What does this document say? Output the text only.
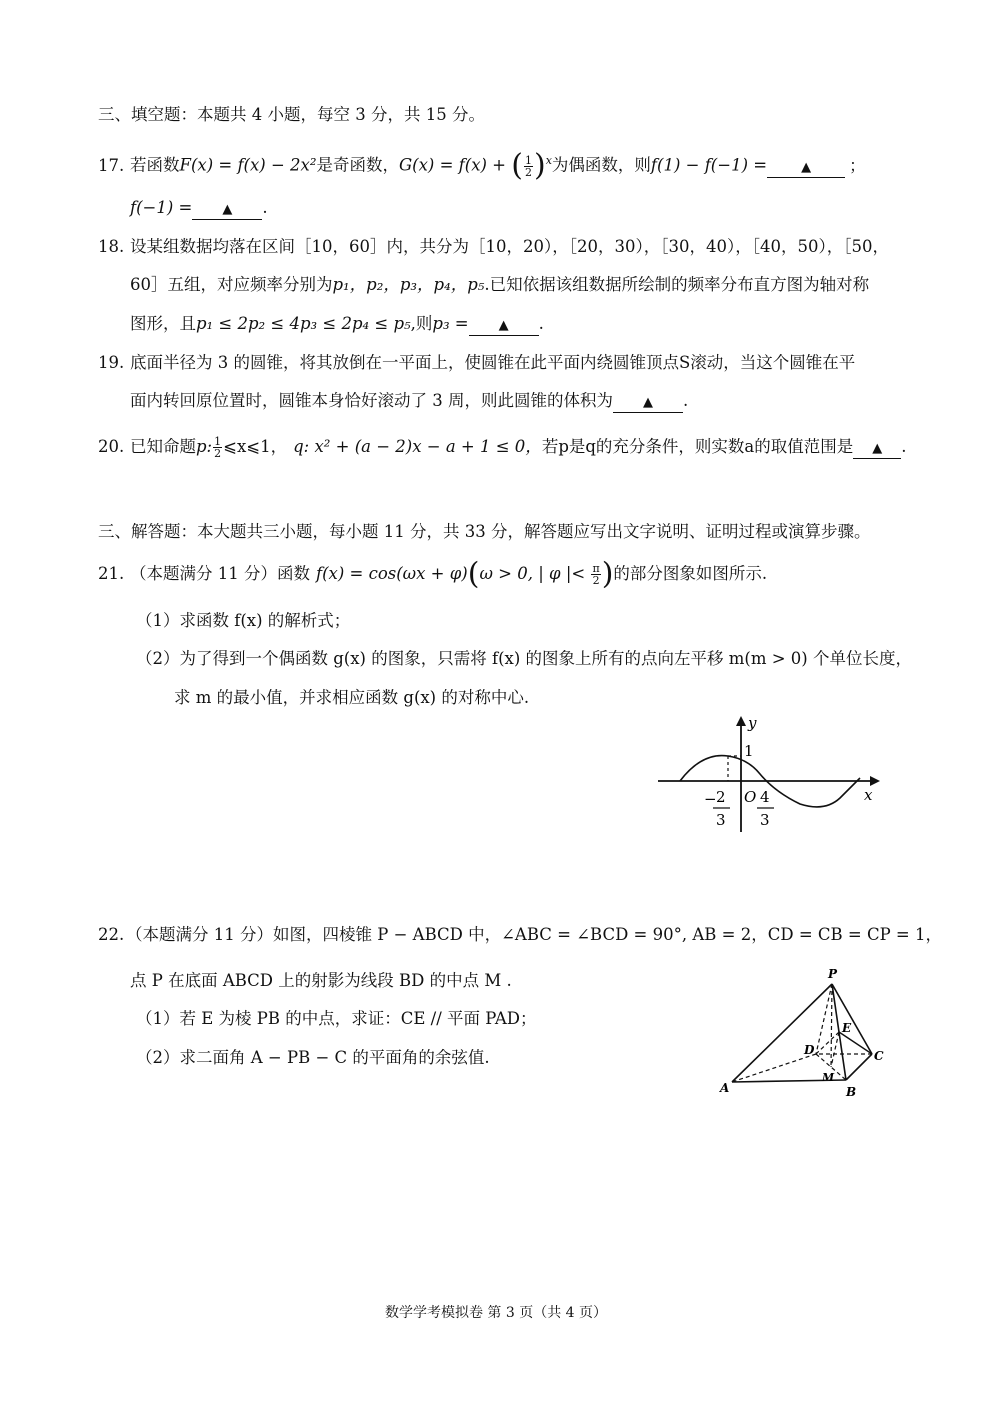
三、填空题：本题共 4 小题，每空 3 分，共 15 分。
17. 若函数F(x) = f(x) − 2x²是奇函数，G(x) = f(x) + ( $\frac{1}{2} )^x$为偶函数，则f(1) − f(−1) =	▲ ；
f(−1) = ▲ .
18. 设某组数据均落在区间［10，60］内，共分为［10，20），［20，30），［30，40），［40，50），［50，
60］五组，对应频率分别为p₁，p₂，p₃，p₄，p₅.已知依据该组数据所绘制的频率分布直方图为轴对称
图形，且p₁ ≤ 2p₂ ≤ 4p₃ ≤ 2p₄ ≤ p₅,则p₃ = ▲ .
19. 底面半径为 3 的圆锥，将其放倒在一平面上，使圆锥在此平面内绕圆锥顶点S滚动，当这个圆锥在平
面内转回原位置时，圆锥本身恰好滚动了 3 周，则此圆锥的体积为 ▲ .
20. 已知命题p: $\frac{1}{2}$ ⩽x⩽1， q: x² + (a − 2)x − a + 1 ≤ 0，若p是q的充分条件，则实数a的取值范围是 ▲ .
三、解答题：本大题共三小题，每小题 11 分，共 33 分，解答题应写出文字说明、证明过程或演算步骤。
21. （本题满分 11 分）函数 f(x) = cos(ωx + φ)(ω > 0, | φ |< $\frac{\pi}{2}$ )的部分图象如图所示.
（1）求函数 f(x) 的解析式；
（2）为了得到一个偶函数 g(x) 的图象，只需将 f(x) 的图象上所有的点向左平移 m(m > 0) 个单位长度，
求 m 的最小值，并求相应函数 g(x) 的对称中心.
y
x
1
O
− 2
3
4
3
22. （本题满分 11 分）如图，四棱锥 P − ABCD 中，∠ABC = ∠BCD = 90°, AB = 2，CD = CB = CP = 1，
点 P 在底面 ABCD 上的射影为线段 BD 的中点 M .
（1）若 E 为棱 PB 的中点，求证：CE // 平面 PAD；
（2）求二面角 A − PB − C 的平面角的余弦值.
P
A	B
C
D
E
M
数学学考模拟卷 第 3 页（共 4 页）
